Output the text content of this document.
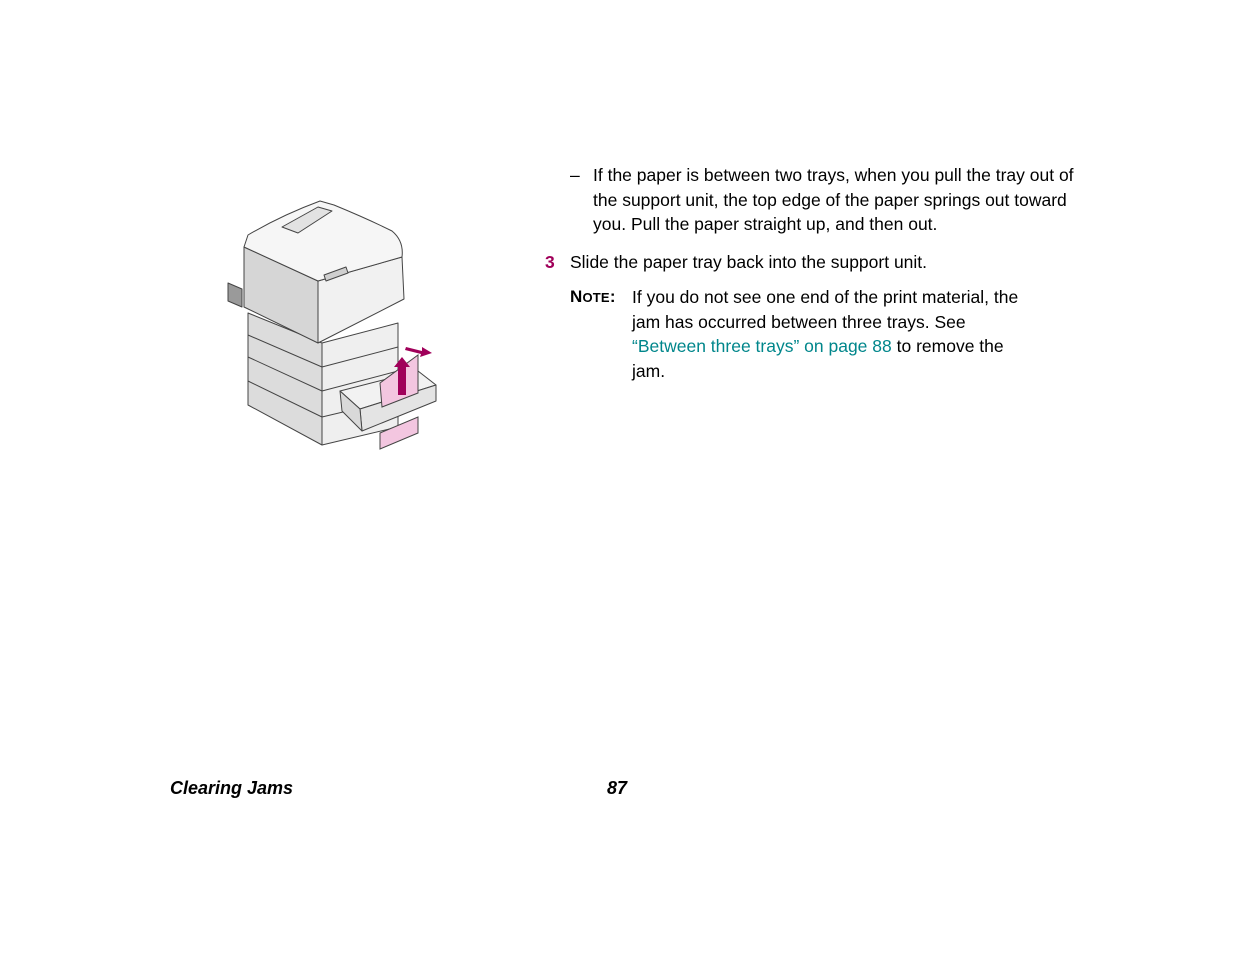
– If the paper is between two trays, when you pull the tray out of the support unit, the top edge of the paper springs out toward you. Pull the paper straight up, and then out.
3 Slide the paper tray back into the support unit.
NOTE: If you do not see one end of the print material, the jam has occurred between three trays. See “Between three trays” on page 88 to remove the jam.
Clearing Jams	87
